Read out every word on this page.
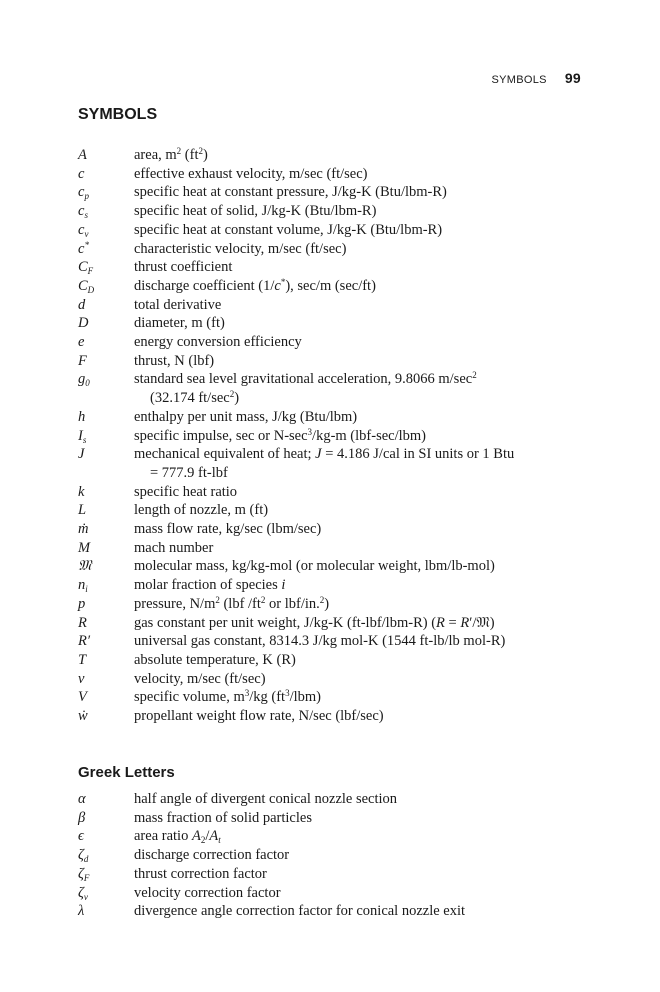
SYMBOLS 99
SYMBOLS
A	area, $m^2$ $(ft^2)$
c	effective exhaust velocity, m/sec (ft/sec)
$c_p$	specific heat at constant pressure, J/kg-K (Btu/lbm-R)
$c_s$	specific heat of solid, J/kg-K (Btu/lbm-R)
$c_v$	specific heat at constant volume, J/kg-K (Btu/lbm-R)
c*	characteristic velocity, m/sec (ft/sec)
$C_F$	thrust coefficient
$C_D$	discharge coefficient (1/c*), sec/m (sec/ft)
d	total derivative
D	diameter, m (ft)
e	energy conversion efficiency
F	thrust, N (lbf)
$g_0$	standard sea level gravitational acceleration, 9.8066 $m/\sec^2$
(32.174 $ft/\sec^2$)
h	enthalpy per unit mass, J/kg (Btu/lbm)
$I_s$	specific impulse, sec or $N-\sec^3/kg-m$ (lbf-sec/lbm)
J	mechanical equivalent of heat; J = 4.186 J/cal in SI units or 1 Btu
= 777.9 ft-lbf
k	specific heat ratio
L	length of nozzle, m (ft)
ṁ	mass flow rate, kg/sec (lbm/sec)
M	mach number
𝔐	molecular mass, kg/kg-mol (or molecular weight, lbm/lb-mol)
$n_i$	molar fraction of species i
p	pressure, $N/m^2$ (lbf $/ft^2$ or lbf/in.$^2$)
R	gas constant per unit weight, J/kg-K (ft-lbf/lbm-R) (R = R′/𝔐)
R′	universal gas constant, 8314.3 J/kg mol-K (1544 ft-lb/lb mol-R)
T	absolute temperature, K (R)
v	velocity, m/sec (ft/sec)
V	specific volume, $m^3/kg$ $(ft^3/lbm)$
ẇ	propellant weight flow rate, N/sec (lbf/sec)
Greek Letters
α	half angle of divergent conical nozzle section
β	mass fraction of solid particles
ϵ	area ratio $A_2/A_t$
$\zeta_d$	discharge correction factor
$\zeta_F$	thrust correction factor
$\zeta_v$	velocity correction factor
λ	divergence angle correction factor for conical nozzle exit
